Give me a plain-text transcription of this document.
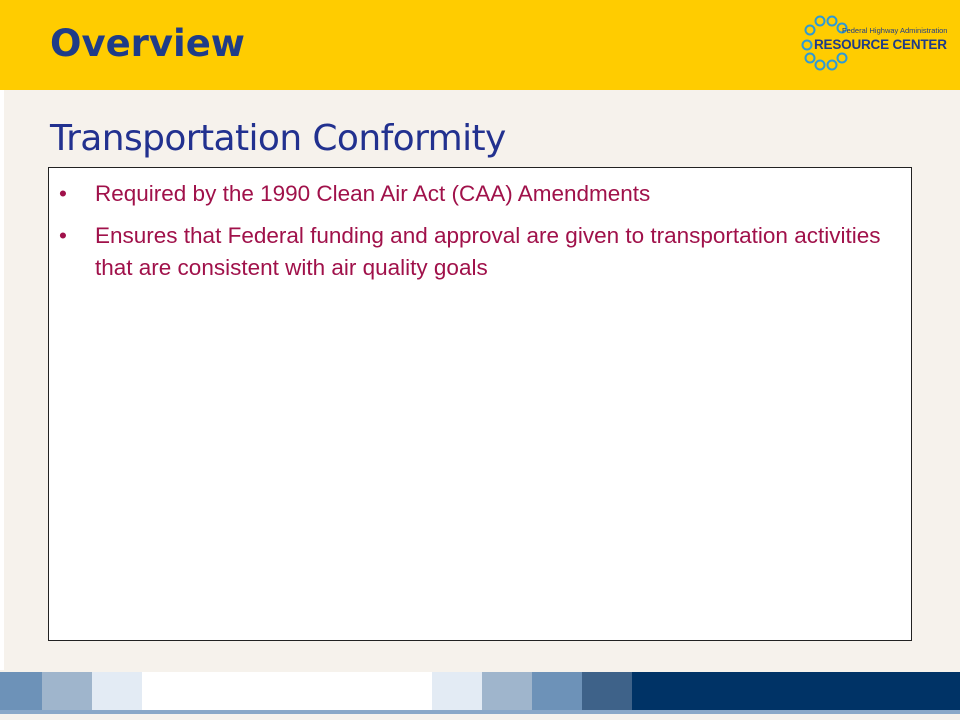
Overview	Federal Highway Administration
RESOURCE CENTER
Transportation Conformity
•	Required by the 1990 Clean Air Act (CAA) Amendments
•	Ensures that Federal funding and approval are given to transportation activities that are consistent with air quality goals
